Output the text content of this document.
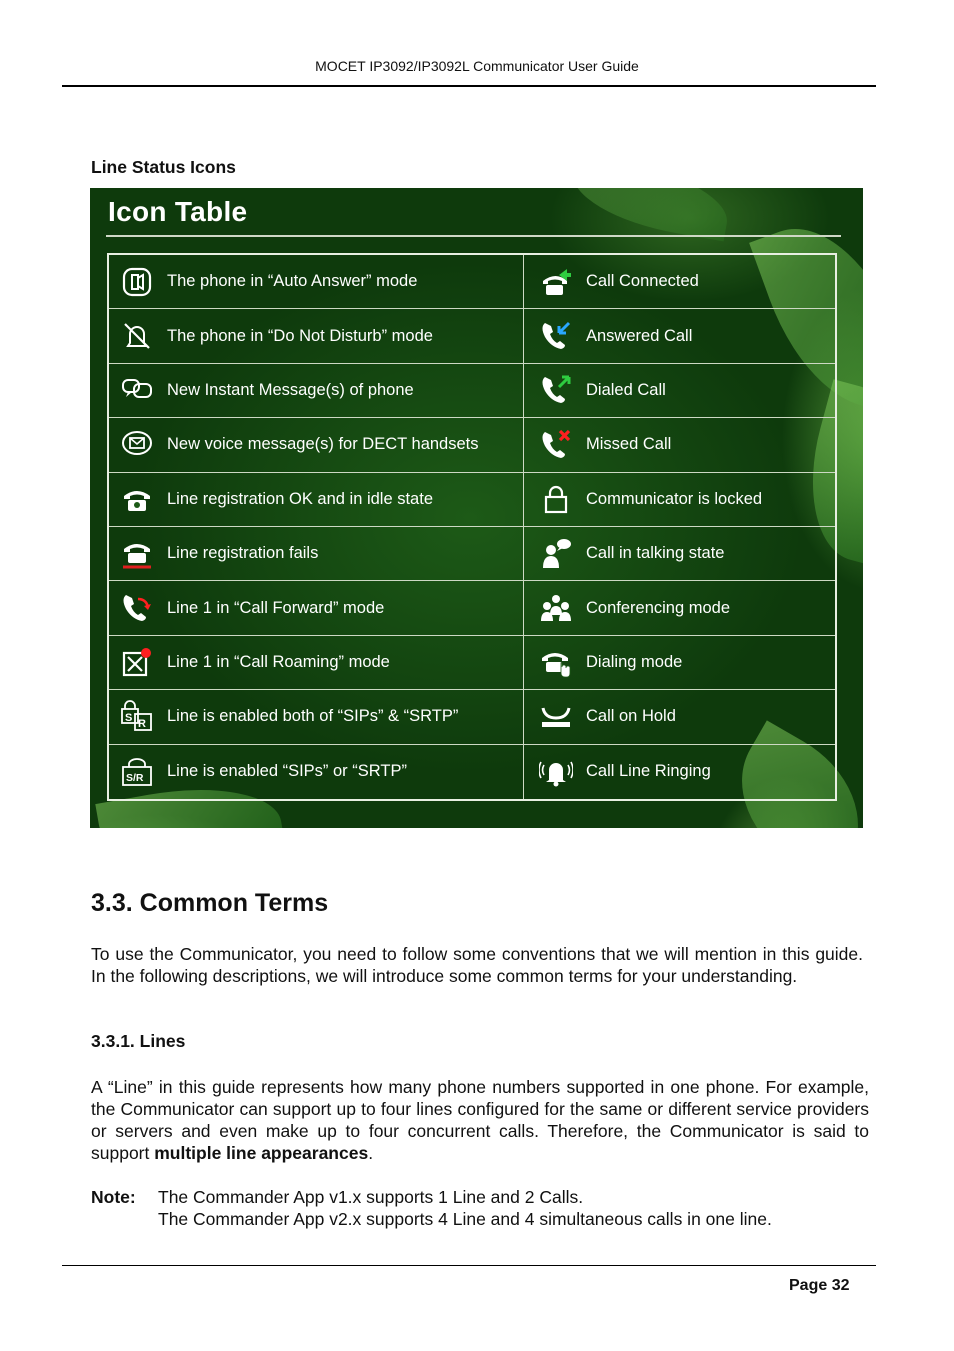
MOCET IP3092/IP3092L Communicator User Guide
Line Status Icons
Icon Table
The phone in “Auto Answer” mode	Call Connected
The phone in “Do Not Disturb” mode	Answered Call
New Instant Message(s) of phone	Dialed Call
New voice message(s) for DECT handsets	Missed Call
Line registration OK and in idle state	Communicator is locked
Line registration fails	Call in talking state
Line 1 in “Call Forward” mode	Conferencing mode
Line 1 in “Call Roaming” mode	Dialing mode
S R Line is enabled both of “SIPs” & “SRTP”	Call on Hold
S/R Line is enabled “SIPs” or “SRTP”	Call Line Ringing
3.3. Common Terms
To use the Communicator, you need to follow some conventions that we will mention in this guide. In the following descriptions, we will introduce some common terms for your understanding.
3.3.1. Lines
A “Line” in this guide represents how many phone numbers supported in one phone. For example, the Communicator can support up to four lines configured for the same or different service providers or servers and even make up to four concurrent calls. Therefore, the Communicator is said to support multiple line appearances.
Note: The Commander App v1.x supports 1 Line and 2 Calls.
The Commander App v2.x supports 4 Line and 4 simultaneous calls in one line.
Page 32
